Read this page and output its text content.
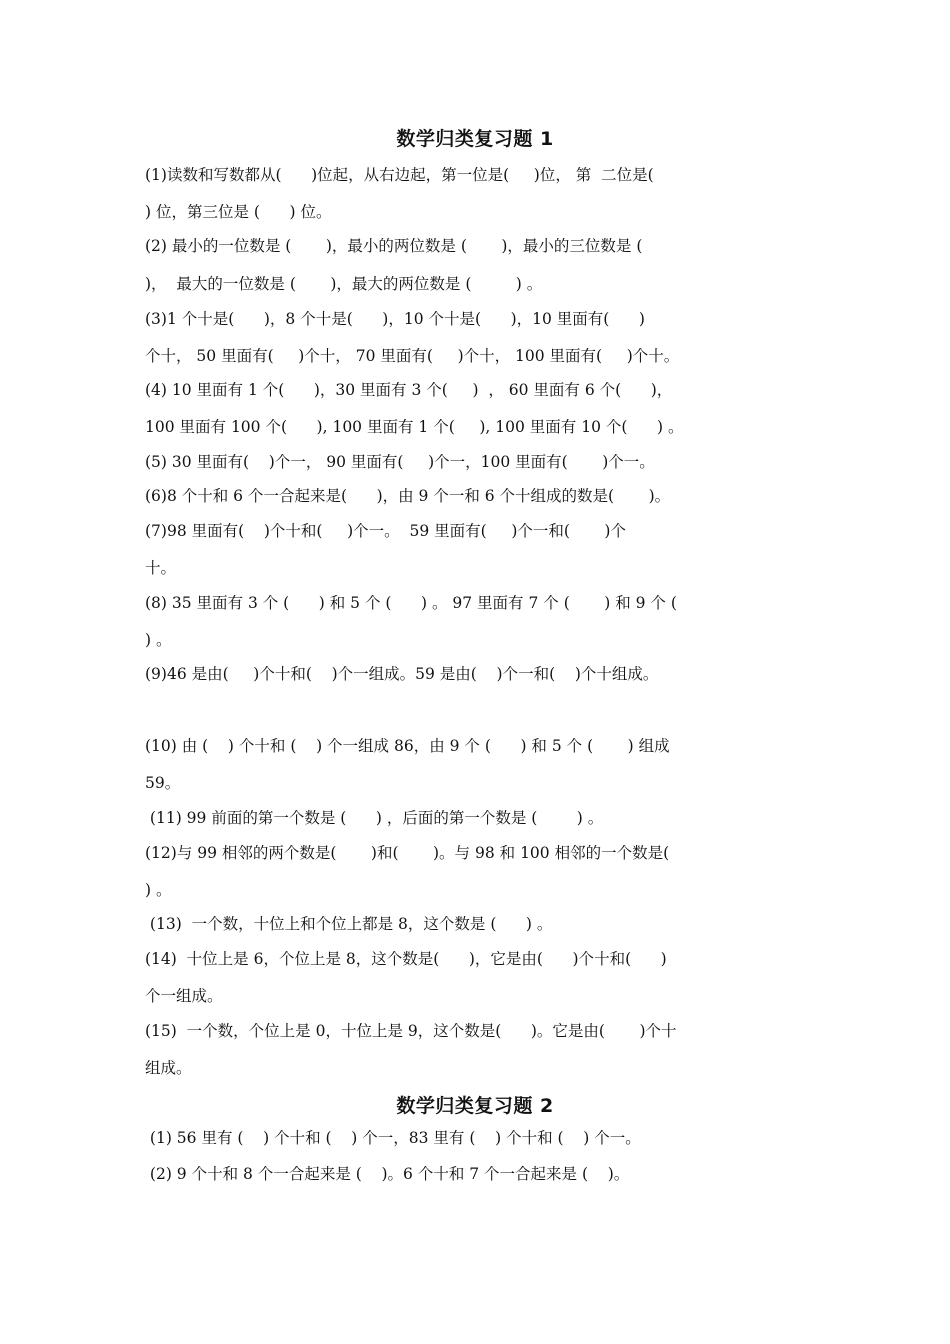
数学归类复习题 1
(1)读数和写数都从(      )位起，从右边起，第一位是(     )位， 第  二位是(
) 位，第三位是 (      ) 位。
(2) 最小的一位数是 (       )，最小的两位数是 (       )，最小的三位数是 (
)，  最大的一位数是 (       )，最大的两位数是 (         ) 。
(3)1 个十是(      )，8 个十是(      )，10 个十是(      )，10 里面有(      )
个十， 50 里面有(     )个十， 70 里面有(     )个十， 100 里面有(     )个十。
(4) 10 里面有 1 个(      )，30 里面有 3 个(     )  ， 60 里面有 6 个(      )，
100 里面有 100 个(      ), 100 里面有 1 个(     ), 100 里面有 10 个(      ) 。
(5) 30 里面有(    )个一， 90 里面有(     )个一，100 里面有(       )个一。
(6)8 个十和 6 个一合起来是(      )，由 9 个一和 6 个十组成的数是(       )。
(7)98 里面有(    )个十和(     )个一。  59 里面有(     )个一和(       )个
十。
(8) 35 里面有 3 个 (      ) 和 5 个 (      ) 。 97 里面有 7 个 (       ) 和 9 个 (
) 。
(9)46 是由(     )个十和(    )个一组成。59 是由(    )个一和(    )个十组成。
(10) 由 (    ) 个十和 (    ) 个一组成 86，由 9 个 (      ) 和 5 个 (       ) 组成
59。
(11) 99 前面的第一个数是 (      ) ，后面的第一个数是 (        ) 。
(12)与 99 相邻的两个数是(       )和(       )。与 98 和 100 相邻的一个数是(
) 。
(13)  一个数，十位上和个位上都是 8，这个数是 (      ) 。
(14)  十位上是 6，个位上是 8，这个数是(      )，它是由(      )个十和(      )
个一组成。
(15)  一个数，个位上是 0，十位上是 9，这个数是(      )。它是由(       )个十
组成。
数学归类复习题 2
(1) 56 里有 (    ) 个十和 (    ) 个一，83 里有 (    ) 个十和 (    ) 个一。
(2) 9 个十和 8 个一合起来是 (    )。6 个十和 7 个一合起来是 (    )。
